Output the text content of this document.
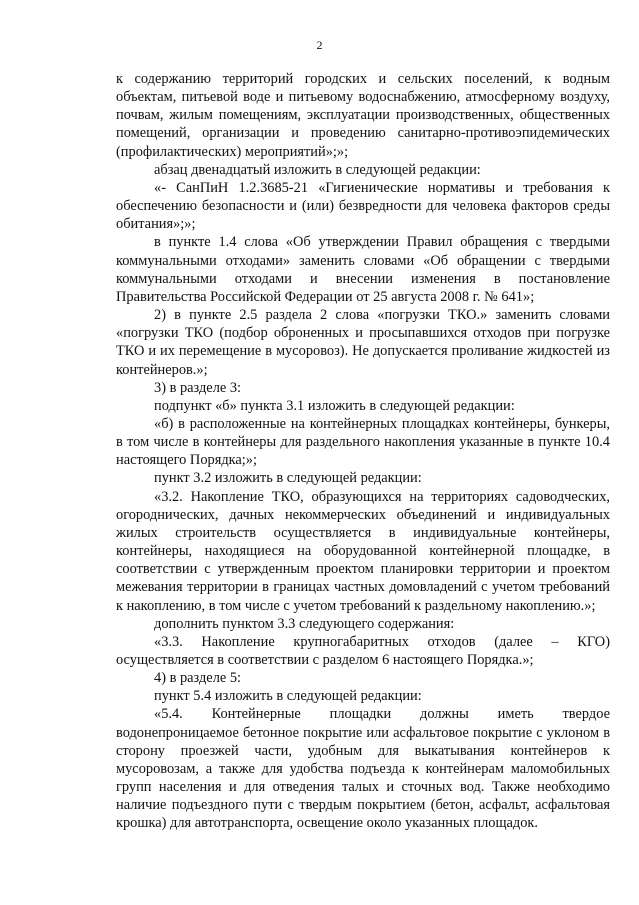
2

к содержанию территорий городских и сельских поселений, к водным объектам, питьевой воде и питьевому водоснабжению, атмосферному воздуху, почвам, жилым помещениям, эксплуатации производственных, общественных помещений, организации и проведению санитарно-противоэпидемических (профилактических) мероприятий»;»;

абзац двенадцатый изложить в следующей редакции:

«- СанПиН 1.2.3685-21 «Гигиенические нормативы и требования к обеспечению безопасности и (или) безвредности для человека факторов среды обитания»;»;

в пункте 1.4 слова «Об утверждении Правил обращения с твердыми коммунальными отходами» заменить словами «Об обращении с твердыми коммунальными отходами и внесении изменения в постановление Правительства Российской Федерации от 25 августа 2008 г. № 641»;

2) в пункте 2.5 раздела 2 слова «погрузки ТКО.» заменить словами «погрузки ТКО (подбор оброненных и просыпавшихся отходов при погрузке ТКО и их перемещение в мусоровоз). Не допускается проливание жидкостей из контейнеров.»;

3) в разделе 3:

подпункт «б» пункта 3.1 изложить в следующей редакции:

«б) в расположенные на контейнерных площадках контейнеры, бункеры, в том числе в контейнеры для раздельного накопления указанные в пункте 10.4 настоящего Порядка;»;

пункт 3.2 изложить в следующей редакции:

«3.2. Накопление ТКО, образующихся на территориях садоводческих, огороднических, дачных некоммерческих объединений и индивидуальных жилых строительств осуществляется в индивидуальные контейнеры, контейнеры, находящиеся на оборудованной контейнерной площадке, в соответствии с утвержденным проектом планировки территории и проектом межевания территории в границах частных домовладений с учетом требований к накоплению, в том числе с учетом требований к раздельному накоплению.»;

дополнить пунктом 3.3 следующего содержания:

«3.3. Накопление крупногабаритных отходов (далее – КГО) осуществляется в соответствии с разделом 6 настоящего Порядка.»;

4) в разделе 5:

пункт 5.4 изложить в следующей редакции:

«5.4. Контейнерные площадки должны иметь твердое водонепроницаемое бетонное покрытие или асфальтовое покрытие с уклоном в сторону проезжей части, удобным для выкатывания контейнеров к мусоровозам, а также для удобства подъезда к контейнерам маломобильных групп населения и для отведения талых и сточных вод. Также необходимо наличие подъездного пути с твердым покрытием (бетон, асфальт, асфальтовая крошка) для автотранспорта, освещение около указанных площадок.
